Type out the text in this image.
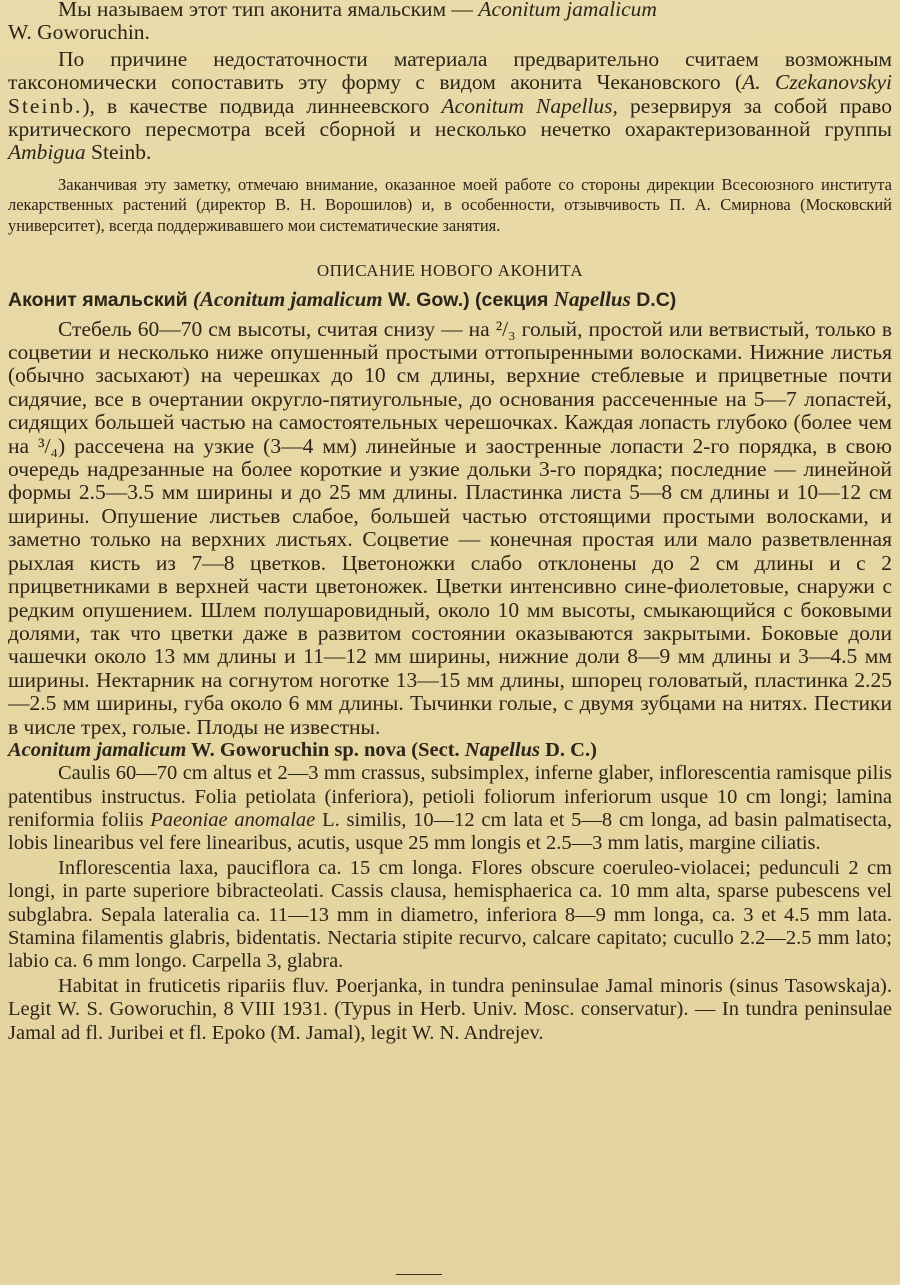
Мы называем этот тип аконита ямальским — Aconitum jamalicum
W. Goworuchin.

По причине недостаточности материала предварительно считаем возможным таксономически сопоставить эту форму с видом аконита Чекановского (A. Czekanovskyi Steinb.), в качестве подвида линнеевского Aconitum Napellus, резервируя за собой право критического пересмотра всей сборной и несколько нечетко охарактеризованной группы Ambigua Steinb.

Заканчивая эту заметку, отмечаю внимание, оказанное моей работе со стороны дирекции Всесоюзного института лекарственных растений (директор В. Н. Ворошилов) и, в особенности, отзывчивость П. А. Смирнова (Московский университет), всегда поддерживавшего мои систематические занятия.

ОПИСАНИЕ НОВОГО АКОНИТА
Аконит ямальский (Aconitum jamalicum W. Gow.) (секция Napellus D.C)

Стебель 60—70 см высоты, считая снизу — на ²/₃ голый, простой или ветвистый, только в соцветии и несколько ниже опушенный простыми оттопыренными волосками. Нижние листья (обычно засыхают) на черешках до 10 см длины, верхние стеблевые и прицветные почти сидячие, все в очертании округло-пятиугольные, до основания рассеченные на 5—7 лопастей, сидящих большей частью на самостоятельных черешочках. Каждая лопасть глубоко (более чем на ³/₄) рассечена на узкие (3—4 мм) линейные и заостренные лопасти 2-го порядка, в свою очередь надрезанные на более короткие и узкие дольки 3-го порядка; последние — линейной формы 2.5—3.5 мм ширины и до 25 мм длины. Пластинка листа 5—8 см длины и 10—12 см ширины. Опушение листьев слабое, большей частью отстоящими простыми волосками, и заметно только на верхних листьях. Соцветие — конечная простая или мало разветвленная рыхлая кисть из 7—8 цветков. Цветоножки слабо отклонены до 2 см длины и с 2 прицветниками в верхней части цветоножек. Цветки интенсивно сине-фиолетовые, снаружи с редким опушением. Шлем полушаровидный, около 10 мм высоты, смыкающийся с боковыми долями, так что цветки даже в развитом состоянии оказываются закрытыми. Боковые доли чашечки около 13 мм длины и 11—12 мм ширины, нижние доли 8—9 мм длины и 3—4.5 мм ширины. Нектарник на согнутом ноготке 13—15 мм длины, шпорец головатый, пластинка 2.25—2.5 мм ширины, губа около 6 мм длины. Тычинки голые, с двумя зубцами на нитях. Пестики в числе трех, голые. Плоды не известны.

Aconitum jamalicum W. Goworuchin sp. nova (Sect. Napellus D. C.)

Caulis 60—70 cm altus et 2—3 mm crassus, subsimplex, inferne glaber, inflorescentia ramisque pilis patentibus instructus. Folia petiolata (inferiora), petioli foliorum inferiorum usque 10 cm longi; lamina reniformia foliis Paeoniae anomalae L. similis, 10—12 cm lata et 5—8 cm longa, ad basin palmatisecta, lobis linearibus vel fere linearibus, acutis, usque 25 mm longis et 2.5—3 mm latis, margine ciliatis.

Inflorescentia laxa, pauciflora ca. 15 cm longa. Flores obscure coeruleo-violacei; pedunculi 2 cm longi, in parte superiore bibracteolati. Cassis clausa, hemisphaerica ca. 10 mm alta, sparse pubescens vel subglabra. Sepala lateralia ca. 11—13 mm in diametro, inferiora 8—9 mm longa, ca. 3 et 4.5 mm lata. Stamina filamentis glabris, bidentatis. Nectaria stipite recurvo, calcare capitato; cucullo 2.2—2.5 mm lato; labio ca. 6 mm longo. Carpella 3, glabra.

Habitat in fruticetis ripariis fluv. Poerjanka, in tundra peninsulae Jamal minoris (sinus Tasowskaja). Legit W. S. Goworuchin, 8 VIII 1931. (Typus in Herb. Univ. Mosc. conservatur). — In tundra peninsulae Jamal ad fl. Juribei et fl. Epoko (M. Jamal), legit W. N. Andrejev.
